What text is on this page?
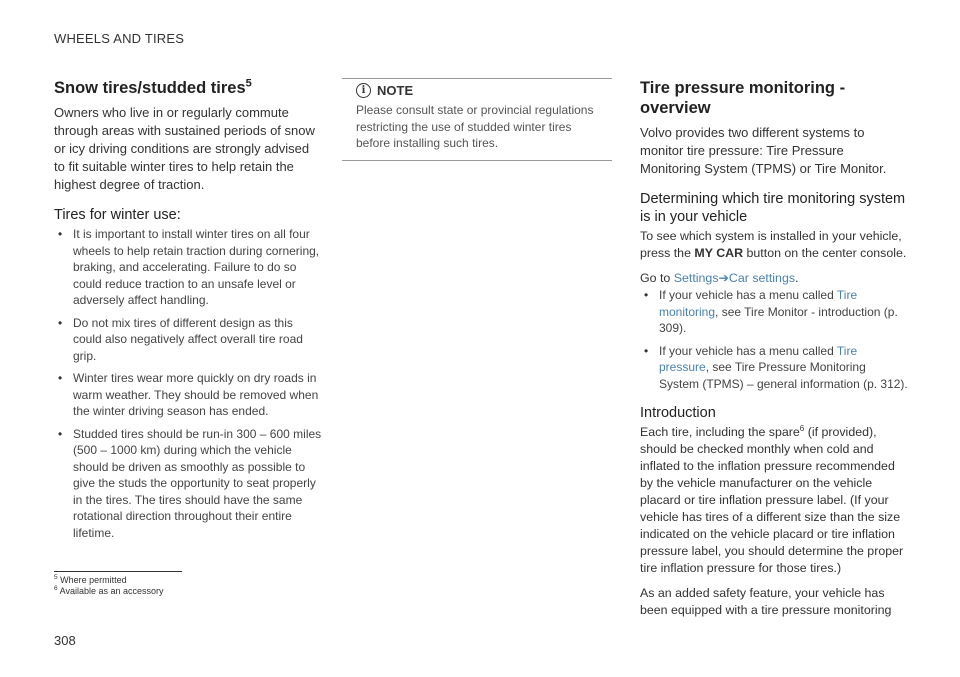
WHEELS AND TIRES
Snow tires/studded tires$^5$

Owners who live in or regularly commute through areas with sustained periods of snow or icy driving conditions are strongly advised to fit suitable winter tires to help retain the highest degree of traction.

Tires for winter use:
• It is important to install winter tires on all four wheels to help retain traction during cornering, braking, and accelerating. Failure to do so could reduce traction to an unsafe level or adversely affect handling.
• Do not mix tires of different design as this could also negatively affect overall tire road grip.
• Winter tires wear more quickly on dry roads in warm weather. They should be removed when the winter driving season has ended.
• Studded tires should be run-in 300 – 600 miles (500 – 1000 km) during which the vehicle should be driven as smoothly as possible to give the studs the opportunity to seat properly in the tires. The tires should have the same rotational direction throughout their entire lifetime.
i NOTE

Please consult state or provincial regulations restricting the use of studded winter tires before installing such tires.

Tire pressure monitoring - overview

Volvo provides two different systems to monitor tire pressure: Tire Pressure Monitoring System (TPMS) or Tire Monitor.

Determining which tire monitoring system is in your vehicle

To see which system is installed in your vehicle, press the MY CAR button on the center console.

Go to Settings➔Car settings.

• If your vehicle has a menu called Tire monitoring, see Tire Monitor - introduction (p. 309).
• If your vehicle has a menu called Tire pressure, see Tire Pressure Monitoring System (TPMS) – general information (p. 312).
Introduction

Each tire, including the spare$^6$ (if provided), should be checked monthly when cold and inflated to the inflation pressure recommended by the vehicle manufacturer on the vehicle placard or tire inflation pressure label. (If your vehicle has tires of a different size than the size indicated on the vehicle placard or tire inflation pressure label, you should determine the proper tire inflation pressure for those tires.)

As an added safety feature, your vehicle has been equipped with a tire pressure monitoring

$^5$ Where permitted
$^6$ Available as an accessory
308
